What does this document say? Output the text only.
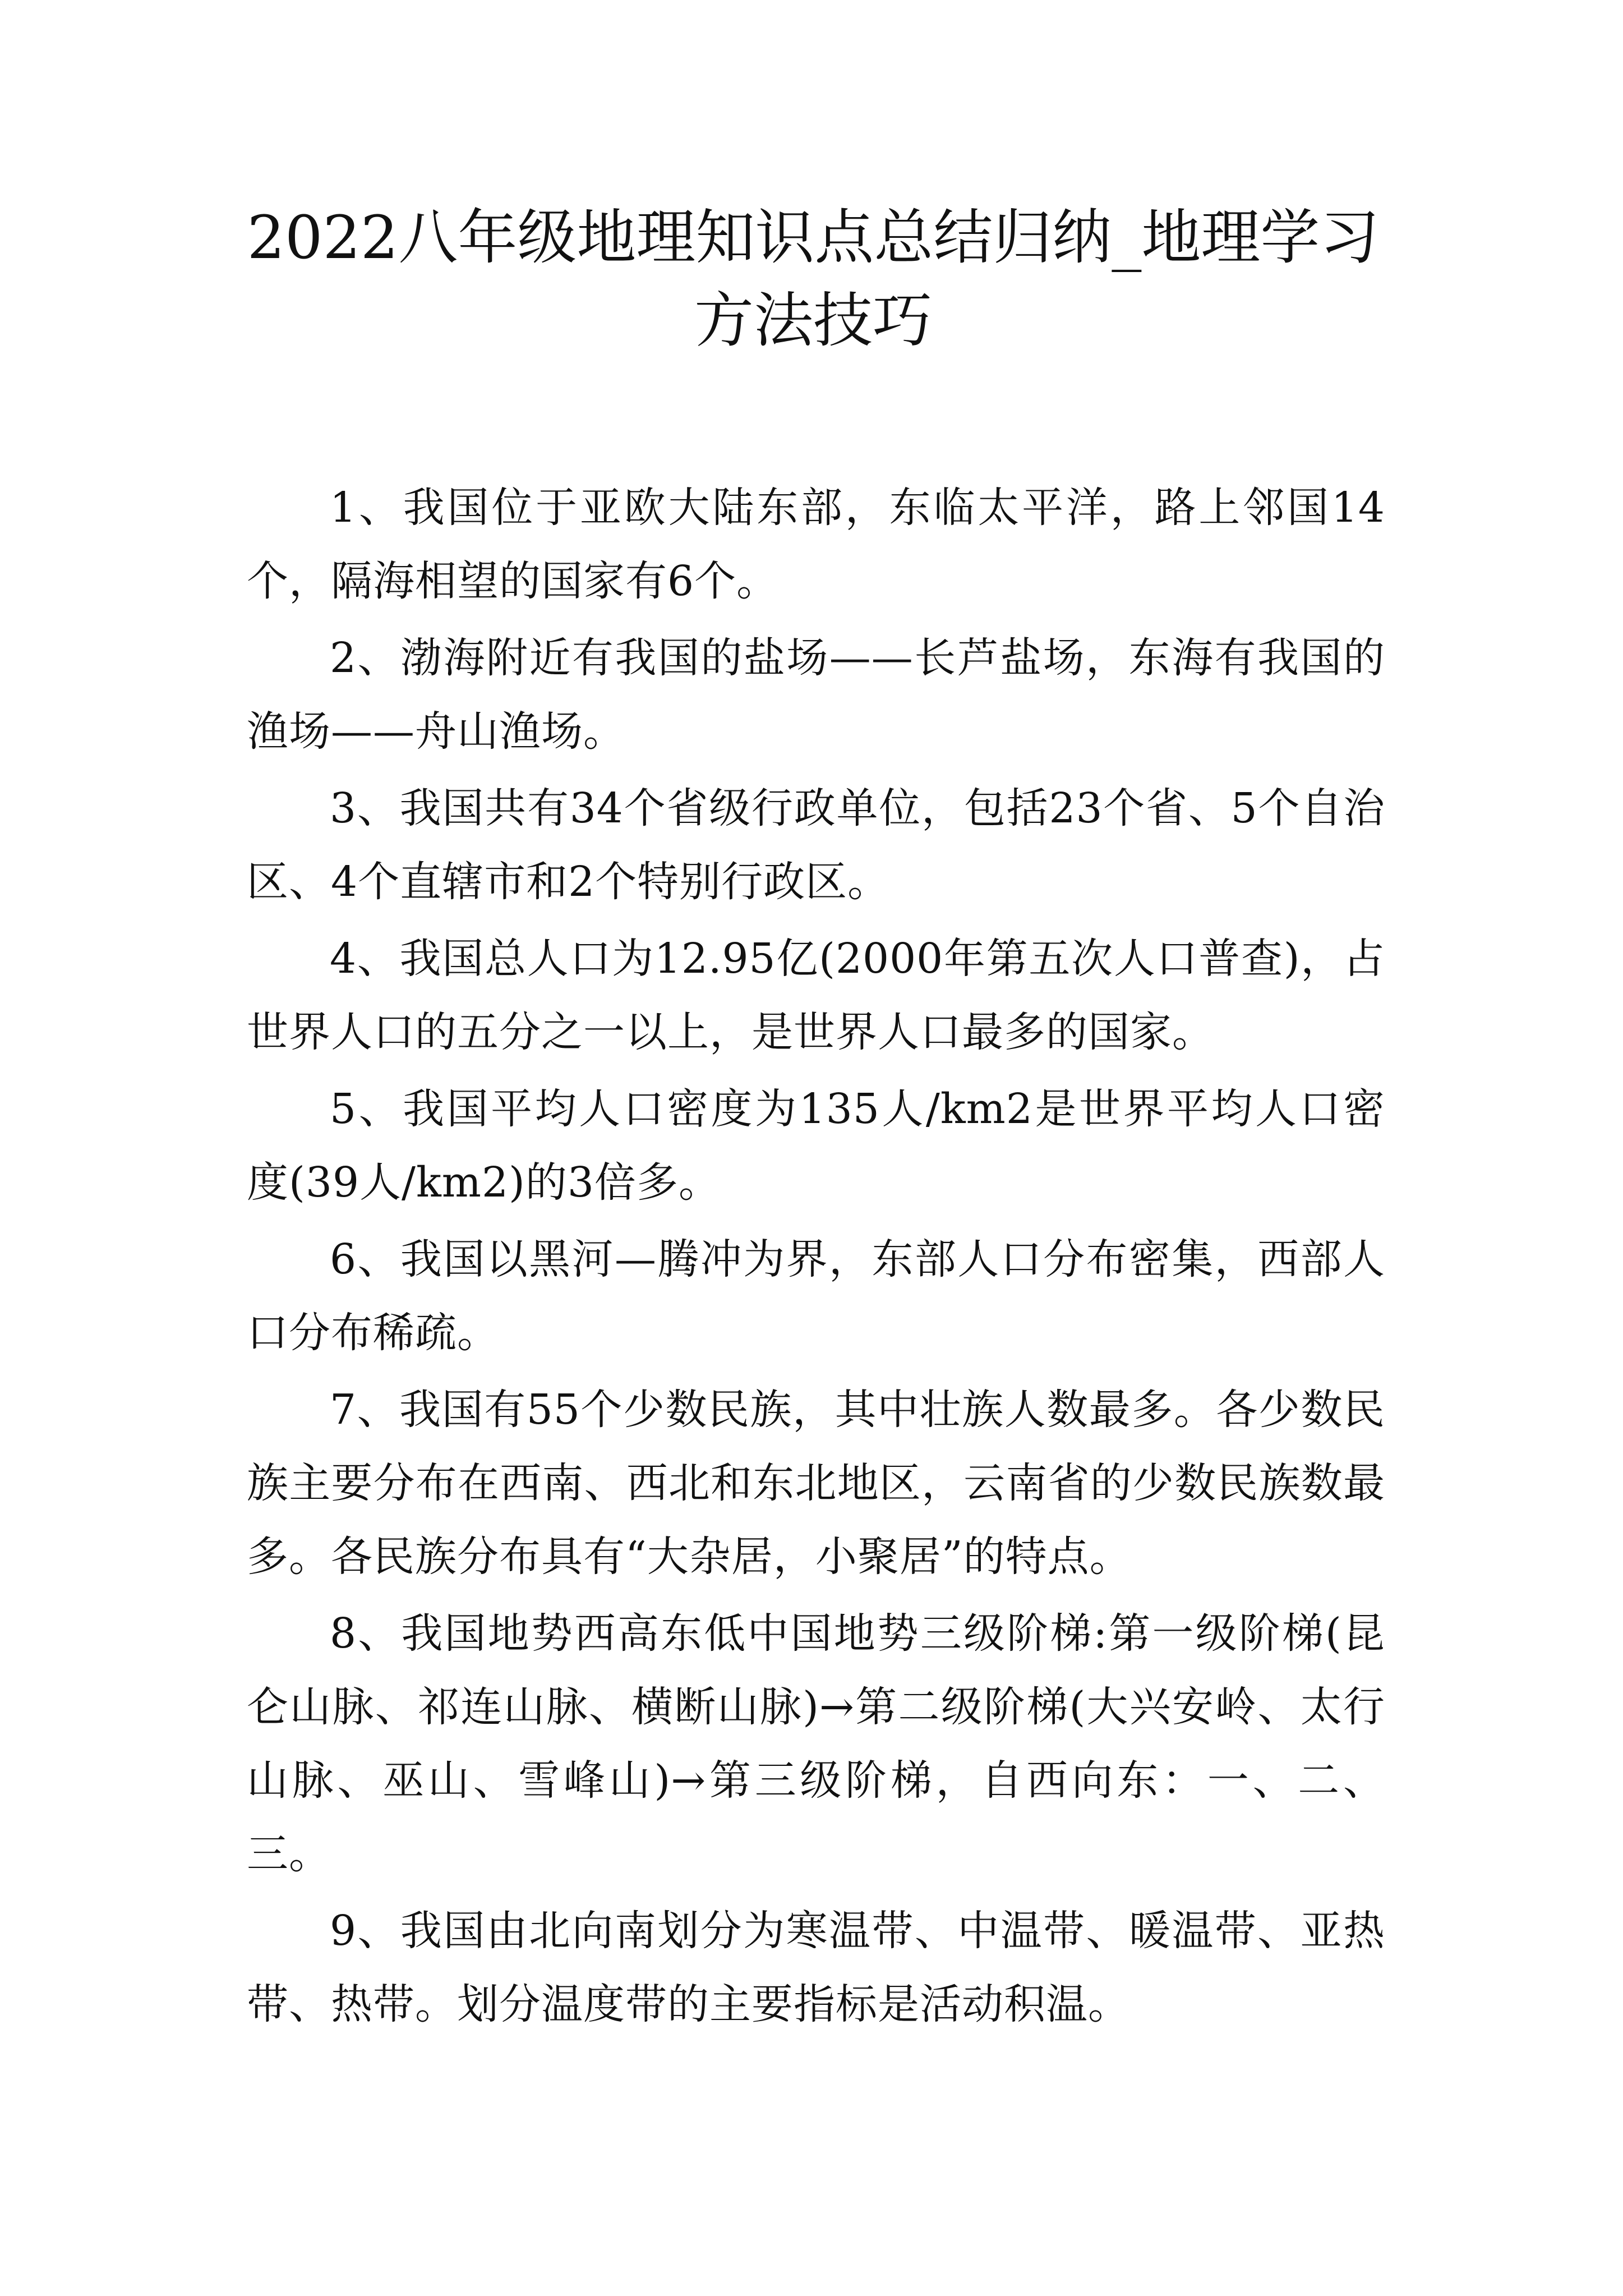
2022八年级地理知识点总结归纳_地理学习方法技巧

1、我国位于亚欧大陆东部，东临太平洋，路上邻国14个，隔海相望的国家有6个。

2、渤海附近有我国的盐场——长芦盐场，东海有我国的渔场——舟山渔场。

3、我国共有34个省级行政单位，包括23个省、5个自治区、4个直辖市和2个特别行政区。

4、我国总人口为12.95亿(2000年第五次人口普查)，占世界人口的五分之一以上，是世界人口最多的国家。

5、我国平均人口密度为135人/km2是世界平均人口密度(39人/km2)的3倍多。

6、我国以黑河—腾冲为界，东部人口分布密集，西部人口分布稀疏。

7、我国有55个少数民族，其中壮族人数最多。各少数民族主要分布在西南、西北和东北地区，云南省的少数民族数最多。各民族分布具有“大杂居，小聚居”的特点。

8、我国地势西高东低中国地势三级阶梯:第一级阶梯(昆仑山脉、祁连山脉、横断山脉)→第二级阶梯(大兴安岭、太行山脉、巫山、雪峰山)→第三级阶梯，自西向东：一、二、三。

9、我国由北向南划分为寒温带、中温带、暖温带、亚热带、热带。划分温度带的主要指标是活动积温。
